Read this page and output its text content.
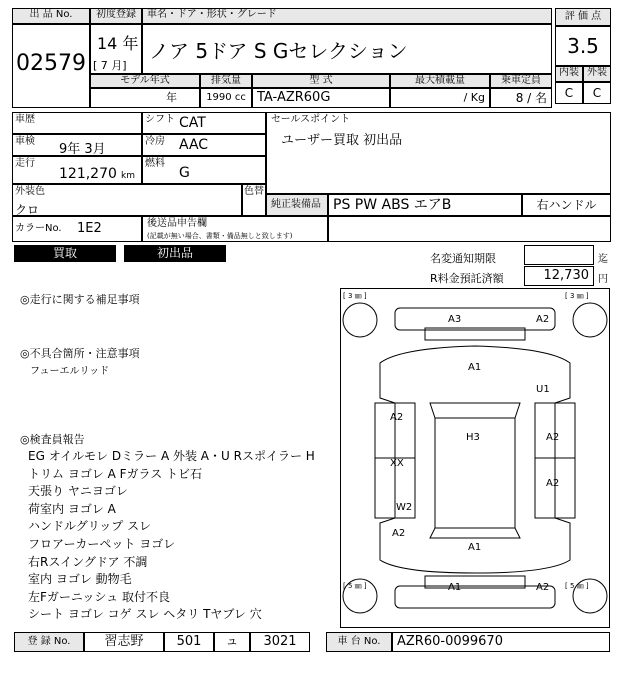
出 品 No.
02579
初度登録
14 年
[ 7 月]
車名・ドア・形状・グレード
ノア 5ドア S Gセレクション
評 価 点
3.5
内装 外装
C	C
モデル年式
年
排気量
1990 cc
型 式
TA-AZR60G
最大積載量
/ Kg
乗車定員
8 / 名
車歴	シフト CAT
車検
9年 3月
冷房 AAC
走行
121,270 km
燃料
G
セールスポイント
ユーザー買取 初出品
外装色
クロ
色替
純正装備品 PS PW ABS エアB	右ハンドル
カラーNo. 1E2	後送品申告欄
(記載が無い場合、書類・備品無しと致します)
買取	初出品	名変通知期限	迄
R料金預託済額	12,730 円
◎走行に関する補足事項
◎不具合箇所・注意事項
フューエルリッド
◎検査員報告
EG オイルモレ Dミラー A 外装 A・U Rスポイラー H
トリム ヨゴレ A Fガラス トビ石
天張り ヤニヨゴレ
荷室内 ヨゴレ A
ハンドルグリップ スレ
フロアーカーペット ヨゴレ
右Rスイングドア 不調
室内 ヨゴレ 動物毛
左Fガーニッシュ 取付不良
シート ヨゴレ コゲ スレ ヘタリ Tヤブレ 穴
[ 3 ㎜ ]	[ 3 ㎜ ]
[ 5 ㎜ ]	[ 5 ㎜ ]
A3	A2
A1
U1
A2
H3	A2
XX
A2
W2
A2
A1
A1	A2
登 録 No.	習志野	501	ュ	3021	車 台 No.	AZR60-0099670
